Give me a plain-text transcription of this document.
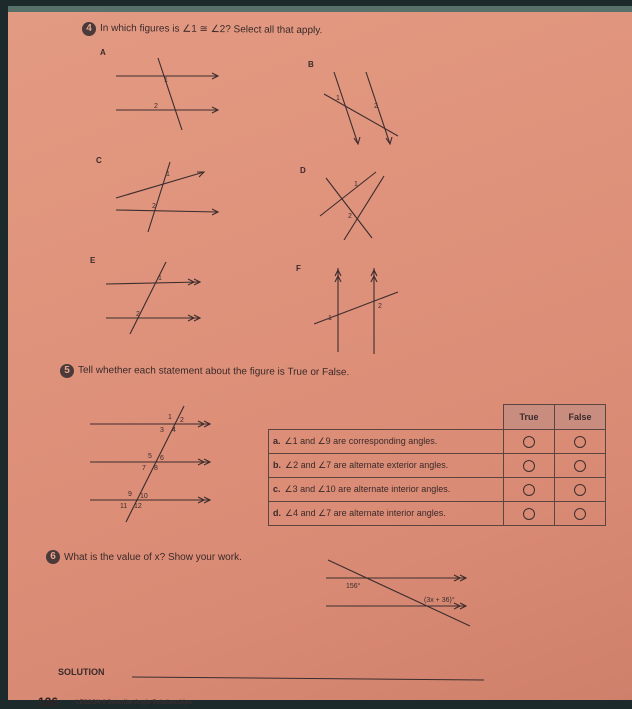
4 In which figures is ∠1 ≅ ∠2? Select all that apply.
A
1
2
B
1
2
C
1
2
D
1
2
E
1
2
F
2
1
5 Tell whether each statement about the figure is True or False.
1 2
3 4
5 6
7 8
9 10
11 12
	True	False
a. ∠1 and ∠9 are corresponding angles.		
b. ∠2 and ∠7 are alternate exterior angles.		
c. ∠3 and ∠10 are alternate interior angles.		
d. ∠4 and ∠7 are alternate interior angles.		
6 What is the value of x? Show your work.
156°
(3x + 36)°
SOLUTION
126	LESSON 6 Describe Angle Relationships
